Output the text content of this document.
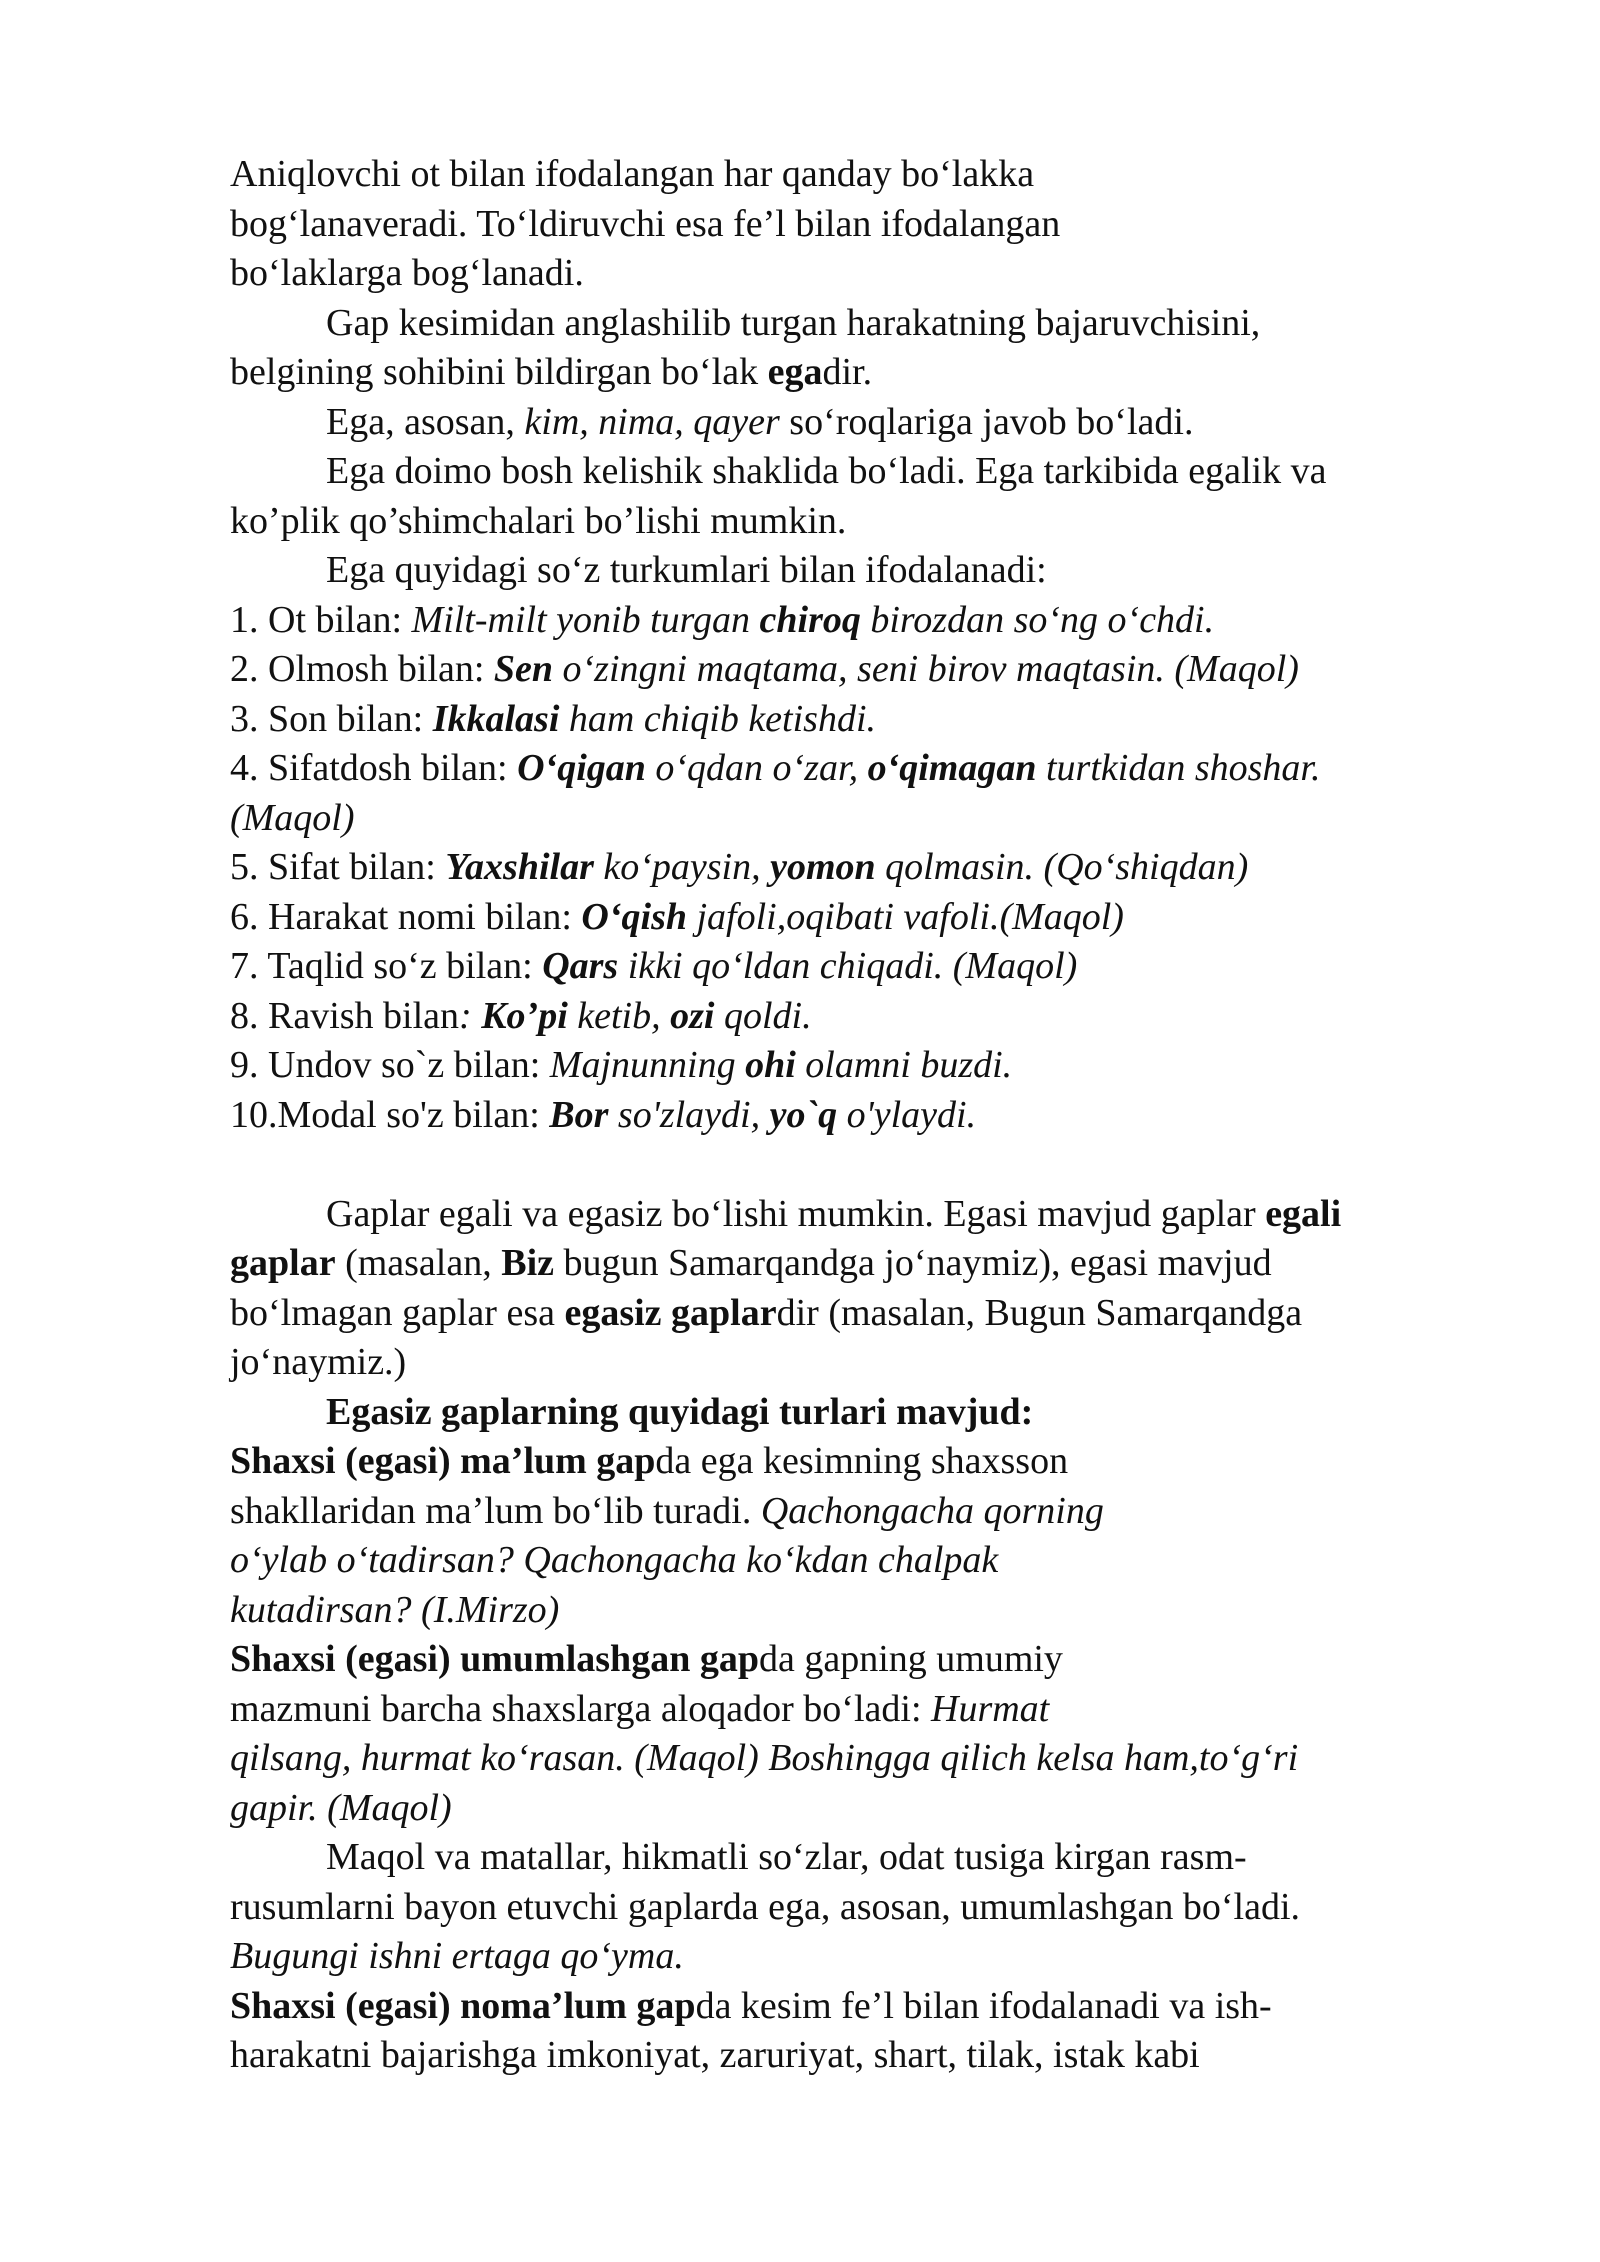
Aniqlovchi ot bilan ifodalangan har qanday bo‘lakka
bog‘lanaveradi. To‘ldiruvchi esa fe’l bilan ifodalangan
bo‘laklarga bog‘lanadi.
Gap kesimidan anglashilib turgan harakatning bajaruvchisini,
belgining sohibini bildirgan bo‘lak egadir.
Ega, asosan, kim, nima, qayer so‘roqlariga javob bo‘ladi.
Ega doimo bosh kelishik shaklida bo‘ladi. Ega tarkibida egalik va
ko’plik qo’shimchalari bo’lishi mumkin.
Ega quyidagi so‘z turkumlari bilan ifodalanadi:
1. Ot bilan: Milt-milt yonib turgan chiroq birozdan so‘ng o‘chdi.
2. Olmosh bilan: Sen o‘zingni maqtama, seni birov maqtasin. (Maqol)
3. Son bilan: Ikkalasi ham chiqib ketishdi.
4. Sifatdosh bilan: O‘qigan o‘qdan o‘zar, o‘qimagan turtkidan shoshar.
(Maqol)
5. Sifat bilan: Yaxshilar ko‘paysin, yomon qolmasin. (Qo‘shiqdan)
6. Harakat nomi bilan: O‘qish jafoli,oqibati vafoli.(Maqol)
7. Taqlid so‘z bilan: Qars ikki qo‘ldan chiqadi. (Maqol)
8. Ravish bilan: Ko’pi ketib, ozi qoldi.
9. Undov so`z bilan: Majnunning ohi olamni buzdi.
10.Modal so'z bilan: Bor so'zlaydi, yo`q o'ylaydi.
Gaplar egali va egasiz bo‘lishi mumkin. Egasi mavjud gaplar egali
gaplar (masalan, Biz bugun Samarqandga jo‘naymiz), egasi mavjud
bo‘lmagan gaplar esa egasiz gaplardir (masalan, Bugun Samarqandga
jo‘naymiz.)
Egasiz gaplarning quyidagi turlari mavjud:
Shaxsi (egasi) ma’lum gapda ega kesimning shaxsson
shakllaridan ma’lum bo‘lib turadi. Qachongacha qorning
o‘ylab o‘tadirsan? Qachongacha ko‘kdan chalpak
kutadirsan? (I.Mirzo)
Shaxsi (egasi) umumlashgan gapda gapning umumiy
mazmuni barcha shaxslarga aloqador bo‘ladi: Hurmat
qilsang, hurmat ko‘rasan. (Maqol) Boshingga qilich kelsa ham,to‘g‘ri
gapir. (Maqol)
Maqol va matallar, hikmatli so‘zlar, odat tusiga kirgan rasm-
rusumlarni bayon etuvchi gaplarda ega, asosan, umumlashgan bo‘ladi.
Bugungi ishni ertaga qo‘yma.
Shaxsi (egasi) noma’lum gapda kesim fe’l bilan ifodalanadi va ish-
harakatni bajarishga imkoniyat, zaruriyat, shart, tilak, istak kabi
